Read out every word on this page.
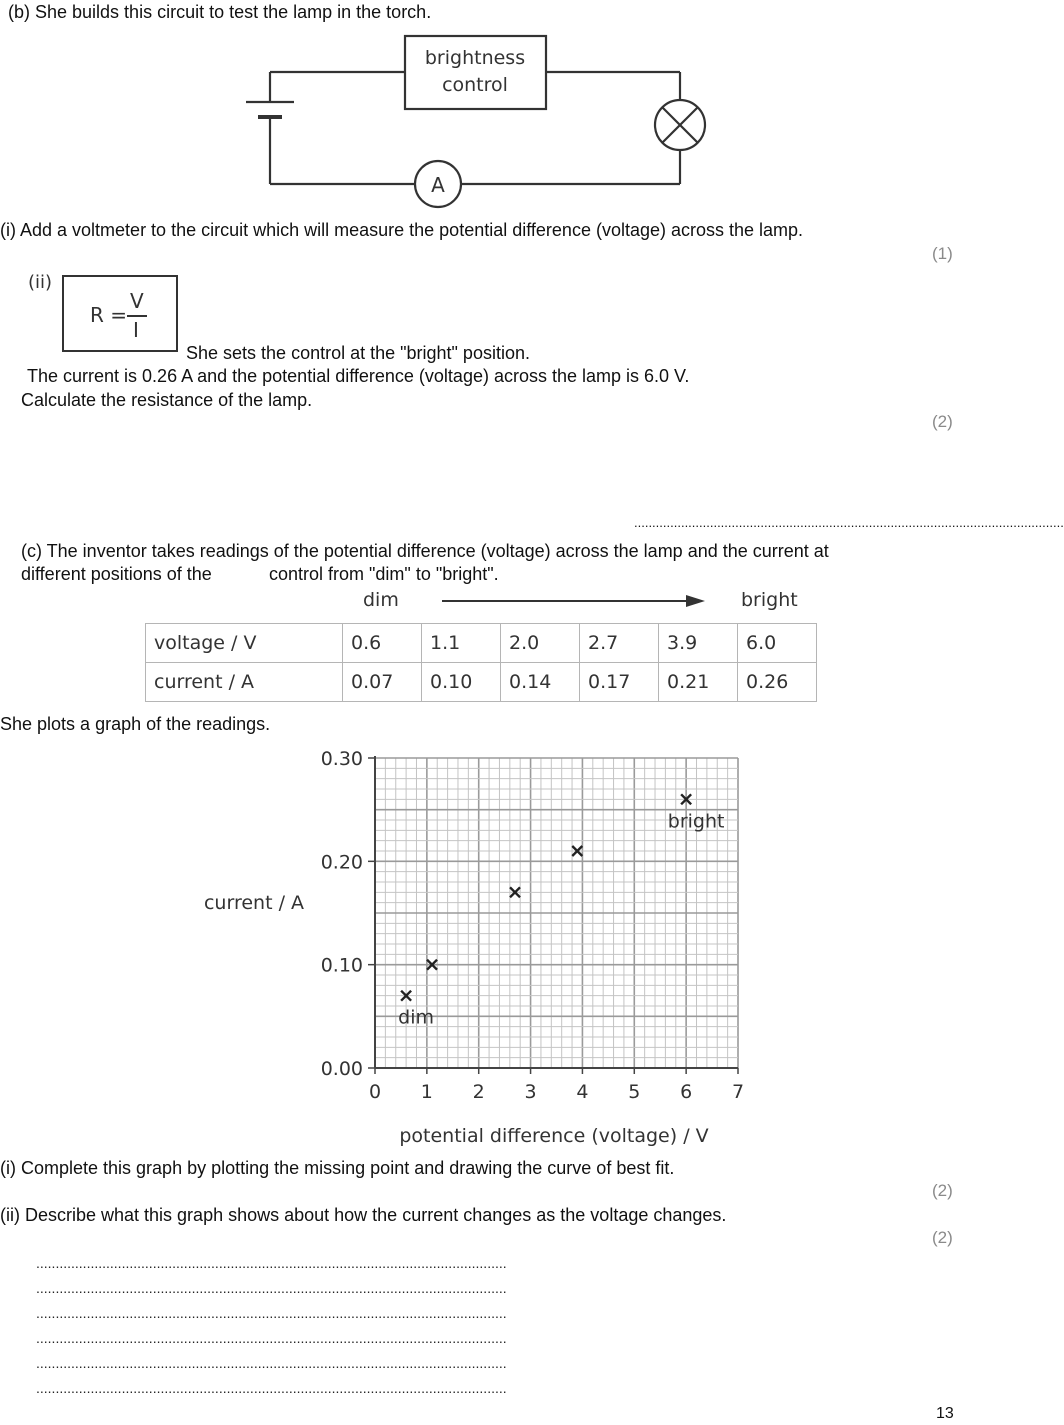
(b) She builds this circuit to test the lamp in the torch.
brightness
control
A
(i) Add a voltmeter to the circuit which will measure the potential difference (voltage) across the lamp.
(1)
(ii)
R =
V
I
She sets the control at the "bright" position.
The current is 0.26 A and the potential difference (voltage) across the lamp is 6.0 V.
Calculate the resistance of the lamp.
(2)
.......................................................................................................................
(c) The inventor takes readings of the potential difference (voltage) across the lamp and the current at
different positions of the	control from "dim" to "bright".
dim	bright
voltage / V	0.6	1.1	2.0	2.7	3.9	6.0
current / A	0.07	0.10	0.14	0.17	0.21	0.26
She plots a graph of the readings.
0 1 2 3 4 5 6 7
0.00
0.10
0.20
0.30
dim
bright
current / A
potential difference (voltage) / V
(i) Complete this graph by plotting the missing point and drawing the curve of best fit.
(2)
(ii) Describe what this graph shows about how the current changes as the voltage changes.
(2)
.........................................................................................................................
.........................................................................................................................
.........................................................................................................................
.........................................................................................................................
.........................................................................................................................
.........................................................................................................................
13
